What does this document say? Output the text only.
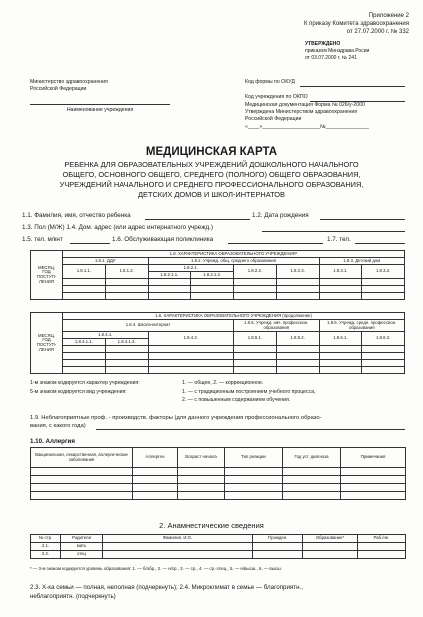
Приложение 2
К приказу Комитета здравоохранения
от 27.07.2000 г. № 332
УТВЕРЖДЕНО
приказом Минздрава Росии
от 03.07.2000 г. № 241
Министерство здравоохранения
Российской Федерации
Наименование учреждения
Код формы по ОКУД
Код учреждения по ОКПО
Медицинская документация Форма № 026/у-2000
Утверждена Министерством здравоохранения
Российской Федерации
«____»____________________№_______________
МЕДИЦИНСКАЯ КАРТА
РЕБЕНКА ДЛЯ ОБРАЗОВАТЕЛЬНЫХ УЧРЕЖДЕНИЙ ДОШКОЛЬНОГО НАЧАЛЬНОГО
ОБЩЕГО, ОСНОВНОГО ОБЩЕГО, СРЕДНЕГО (ПОЛНОГО) ОБЩЕГО ОБРАЗОВАНИЯ,
УЧРЕЖДЕНИЙ НАЧАЛЬНОГО И СРЕДНЕГО ПРОФЕССИОНАЛЬНОГО ОБРАЗОВАНИЯ,
ДЕТСКИХ ДОМОВ И ШКОЛ-ИНТЕРНАТОВ
1.1. Фамилия, имя, отчество ребенка	1.2. Дата рождения
1.3. Пол (М/Ж) 1.4. Дом. адрес (или адрес интернатного учрежд.)
1.5. тел. м/кнт	1.6. Обслуживающая поликлиника	1.7. тел.
МЕСЯЦ,
ГОД
ПОСТУП-
ЛЕНИЯ	1.8. ХАРАКТЕРИСТИКА ОБРАЗОВАТЕЛЬНОГО УЧРЕЖДЕНИЯ*							
	1.8.1. ДДУ		1.8.2. Учрежд. общ. среднего образования				1.8.3. Детский дом	
	1.8.1.1.	1.8.1.2.	1.8.2.1.		1.8.2.2.	1.8.2.3.	1.8.3.1.	1.8.3.2.
			1.8.2.1.1.	1.8.2.1.2.				

МЕСЯЦ,
ГОД
ПОСТУП-
ЛЕНИЯ	1.8. ХАРАКТЕРИСТИКА ОБРАЗОВАТЕЛЬНОГО УЧРЕЖДЕНИЯ (продолжение)						
	1.8.4. Школа-интернат			1.8.5. Учрежд. нач. профессион. образования		1.8.6. Учрежд. средн. профессион. образования	
	1.8.4.1.		1.8.4.2.	1.8.5.1.	1.8.5.2.	1.8.6.1.	1.8.6.2.
	1.8.4.1.1.	1.8.4.1.2.					

1-м знаком кодируется характер учреждения:	1. — общее, 2. — коррекционное.
5-м знаком кодируется вид учреждения:	1. — с традиционным построением учебного процесса,
2. — с повышенным содержанием обучения.
1.9. Неблагоприятные проф. - производств. факторы (для данного учреждения профессионального образо-
вания, с какого года)
1.10. Аллергия
Вакцинальная, лекарственная, аллергические заболевания	Аллерген	Возраст начала	Тип реакции	Год уст. диагноза	Примечания

2. Анамнестические сведения
№ стр.	Родители	Фамилия, И.О.	Г/рожден.	Образование*	Раб./не.
2.1.	мать				
2.2.	отец				
* — 3-м знаком кодируется уровень образования: 1. — б/обр., 2. — н/ср., 3. — ср., 4. — ср.-спец., 5. — н/высш., 6. — высш.
2.3. Х-ка семьи — полная, неполная (подчеркнуть); 2.4. Микроклимат в семье — благоприятн.,
неблагоприятн. (подчеркнуть)
